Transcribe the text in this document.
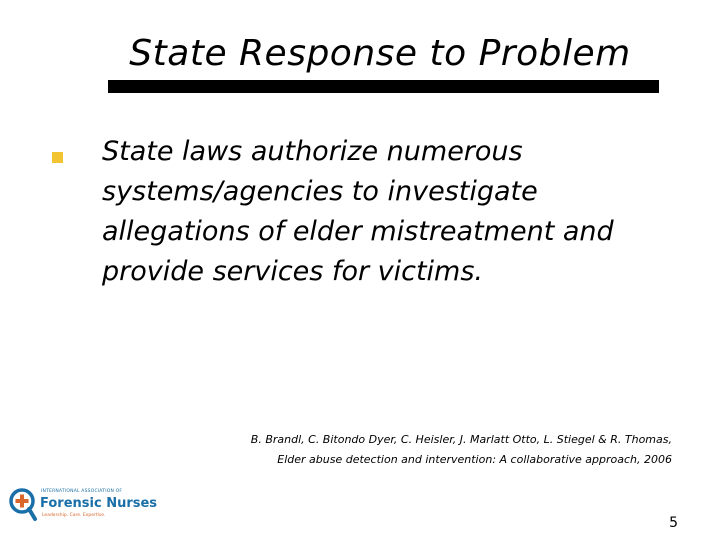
State Response to Problem
State laws authorize numerous systems/agencies to investigate allegations of elder mistreatment and provide services for victims.
B. Brandl, C. Bitondo Dyer, C. Heisler, J. Marlatt Otto, L. Stiegel & R. Thomas,
Elder abuse detection and intervention: A collaborative approach, 2006
INTERNATIONAL ASSOCIATION OF
Forensic Nurses
Leadership. Care. Expertise.	5
